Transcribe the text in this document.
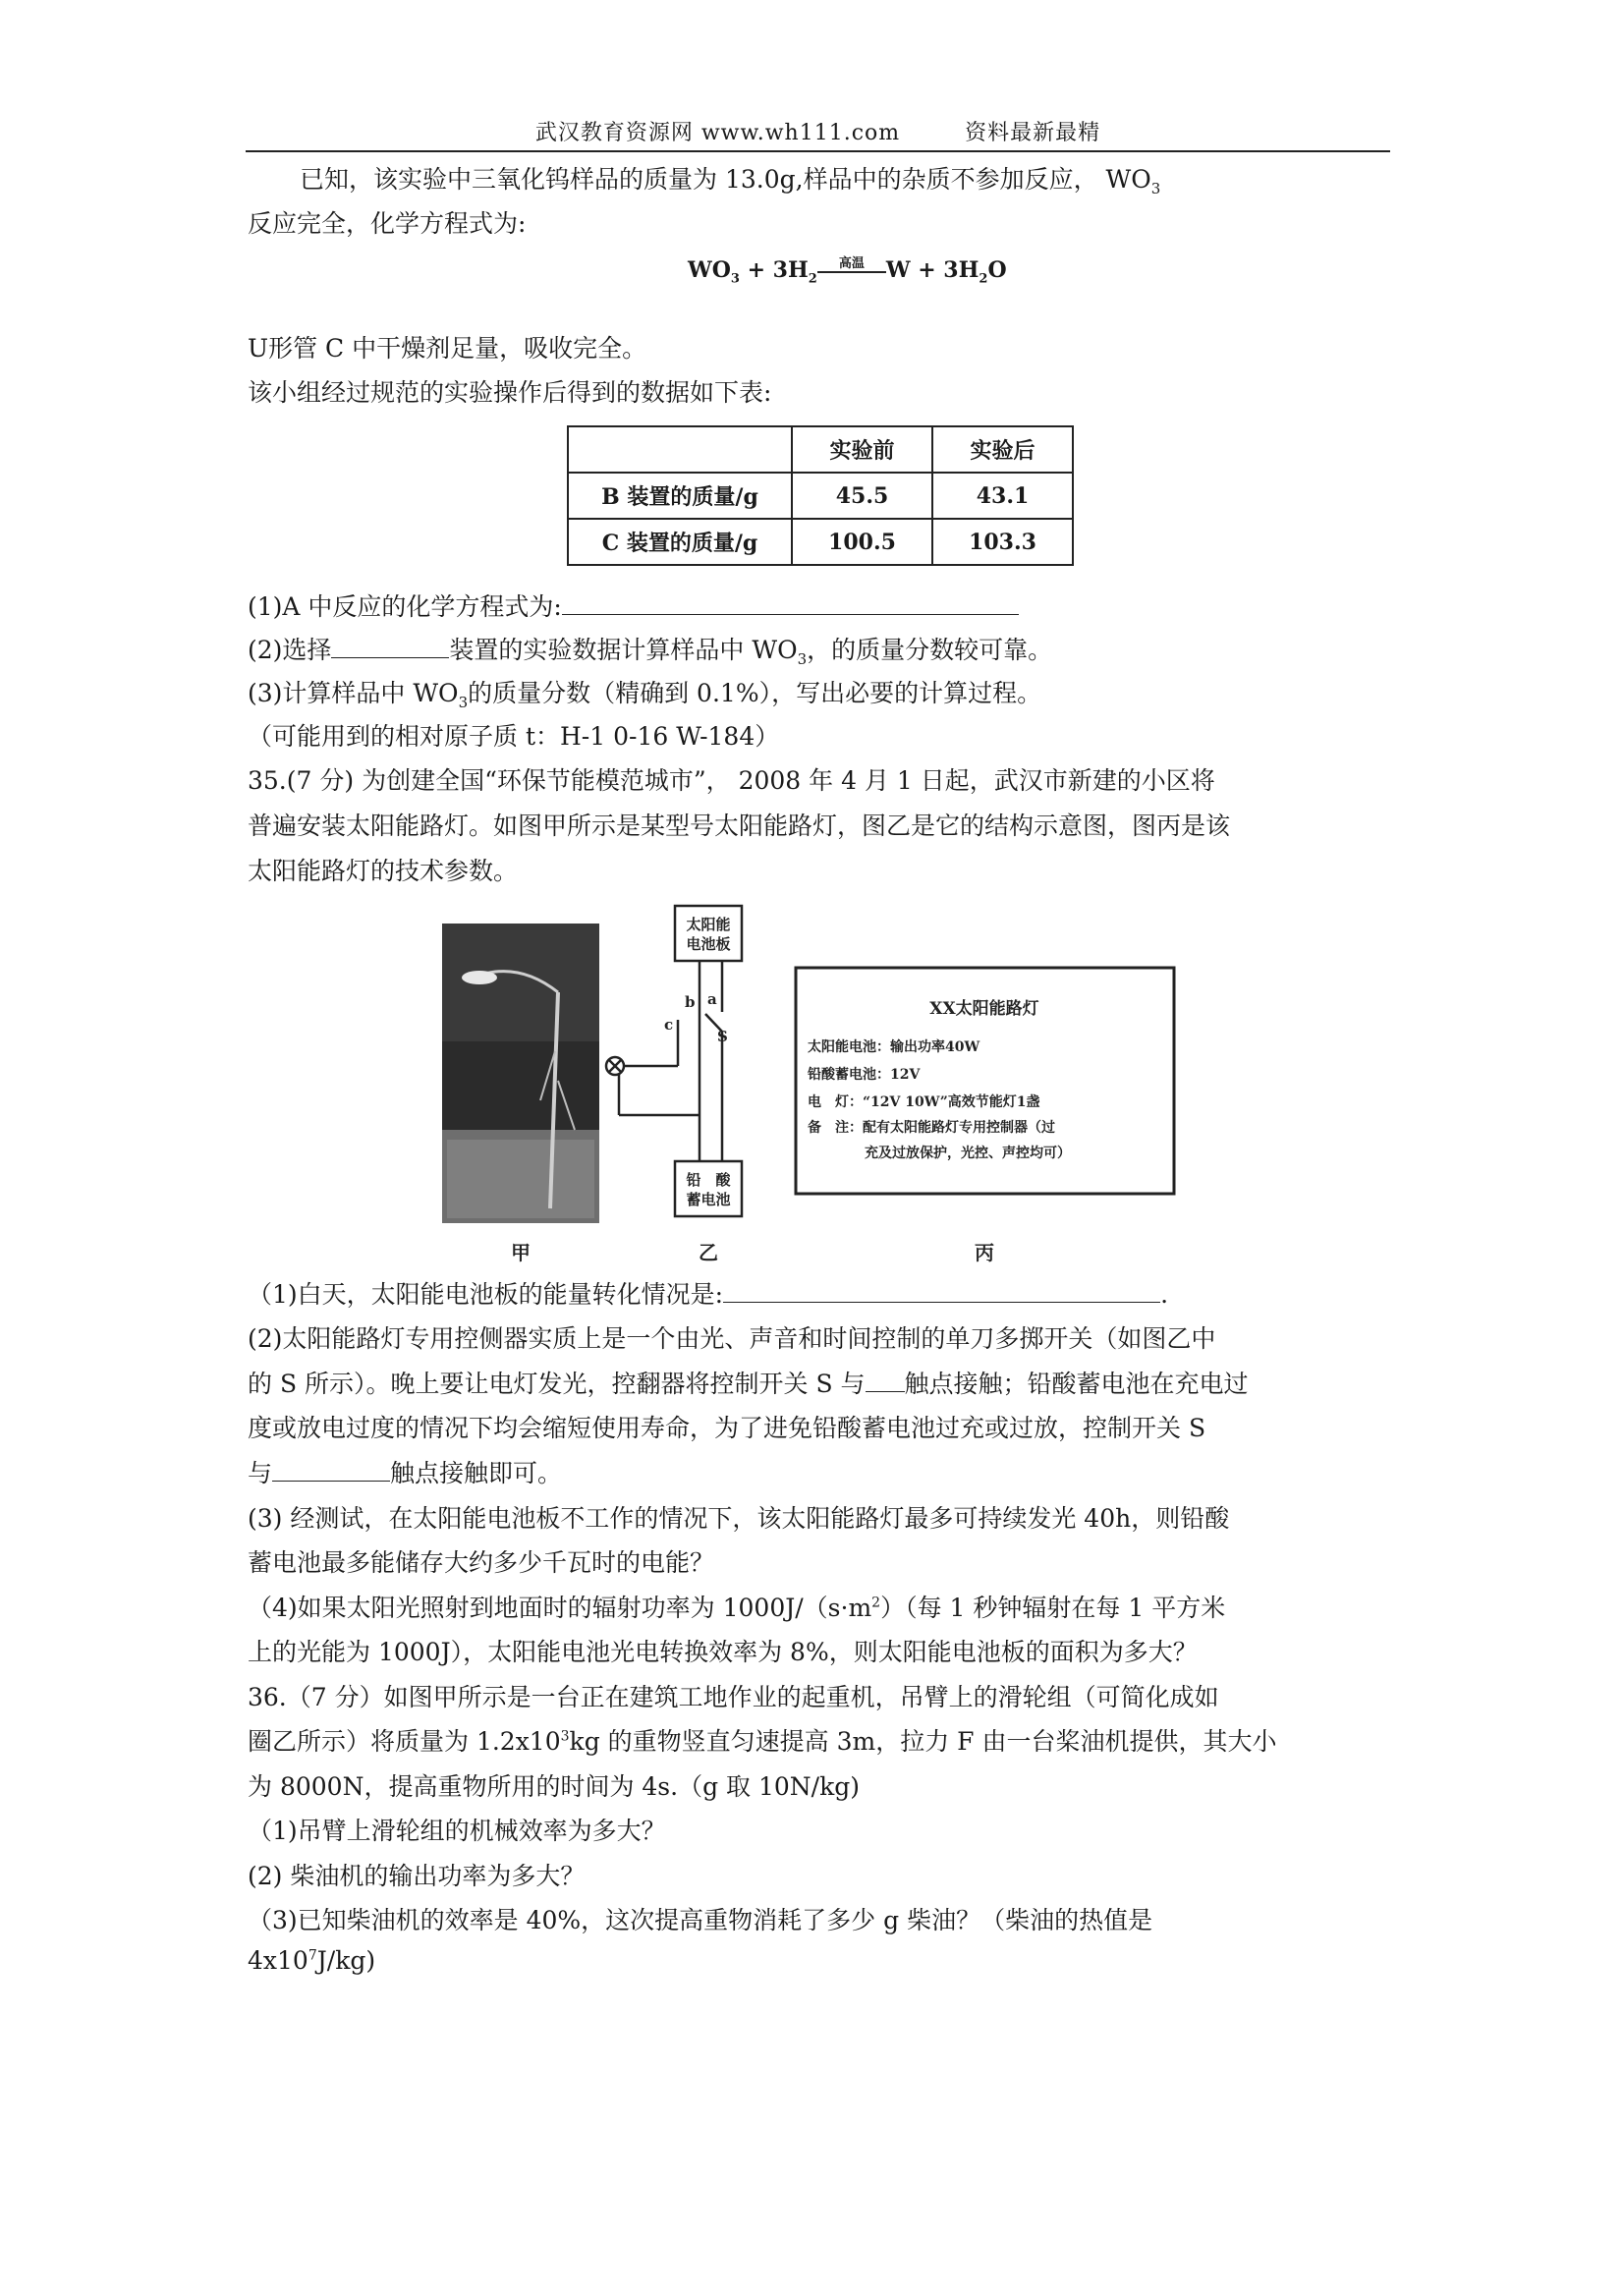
武汉教育资源网 www.wh111.com	资料最新最精
已知，该实验中三氧化钨样品的质量为 13.0g,样品中的杂质不参加反应， $WO_3$
反应完全，化学方程式为:
$WO_3 + 3H_2$
高温	$W + 3H_2O$
U形管 C 中干燥剂足量，吸收完全。
该小组经过规范的实验操作后得到的数据如下表:
	实验前	实验后
B 装置的质量/g	45.5	43.1
C 装置的质量/g	100.5	103.3
(1)A 中反应的化学方程式为:
(2)选择	装置的实验数据计算样品中 $WO_3$，的质量分数较可靠。
(3)计算样品中 $WO_3$的质量分数（精确到 0.1%），写出必要的计算过程。
（可能用到的相对原子质 t：H-1 0-16 W-184）
35.(7 分) 为创建全国“环保节能模范城市”， 2008 年 4 月 1 日起，武汉市新建的小区将
普遍安装太阳能路灯。如图甲所示是某型号太阳能路灯，图乙是它的结构示意图，图丙是该
太阳能路灯的技术参数。
太阳能
电池板
铅　酸
蓄电池
b a
c
S
XX太阳能路灯
太阳能电池：输出功率40W
铅酸蓄电池：12V
电　灯：“12V 10W”高效节能灯1盏
备　注：配有太阳能路灯专用控制器（过
充及过放保护，光控、声控均可）
甲	乙	丙
（1)白天，太阳能电池板的能量转化情况是:	.
(2)太阳能路灯专用控侧器实质上是一个由光、声音和时间控制的单刀多掷开关（如图乙中
的 S 所示）。晚上要让电灯发光，控翻器将控制开关 S 与 触点接触；铅酸蓄电池在充电过
度或放电过度的情况下均会缩短使用寿命，为了进免铅酸蓄电池过充或过放，控制开关 S
与	触点接触即可。
(3) 经测试，在太阳能电池板不工作的情况下，该太阳能路灯最多可持续发光 40h，则铅酸
蓄电池最多能储存大约多少千瓦时的电能？
（4)如果太阳光照射到地面时的辐射功率为 $1000J/(s\cdot m^2)$（每 1 秒钟辐射在每 1 平方米
上的光能为 1000J），太阳能电池光电转换效率为 8%，则太阳能电池板的面积为多大？
36.（7 分）如图甲所示是一台正在建筑工地作业的起重机，吊臂上的滑轮组（可简化成如
圈乙所示）将质量为 $1.2x10^3kg$ 的重物竖直匀速提高 3m，拉力 F 由一台桨油机提供，其大小
为 8000N，提高重物所用的时间为 4s.（g 取 10N/kg)
（1)吊臂上滑轮组的机械效率为多大？
(2) 柴油机的输出功率为多大？
（3)已知柴油机的效率是 40%，这次提高重物消耗了多少 g 柴油？（柴油的热值是
$4x10^7J/kg$)
